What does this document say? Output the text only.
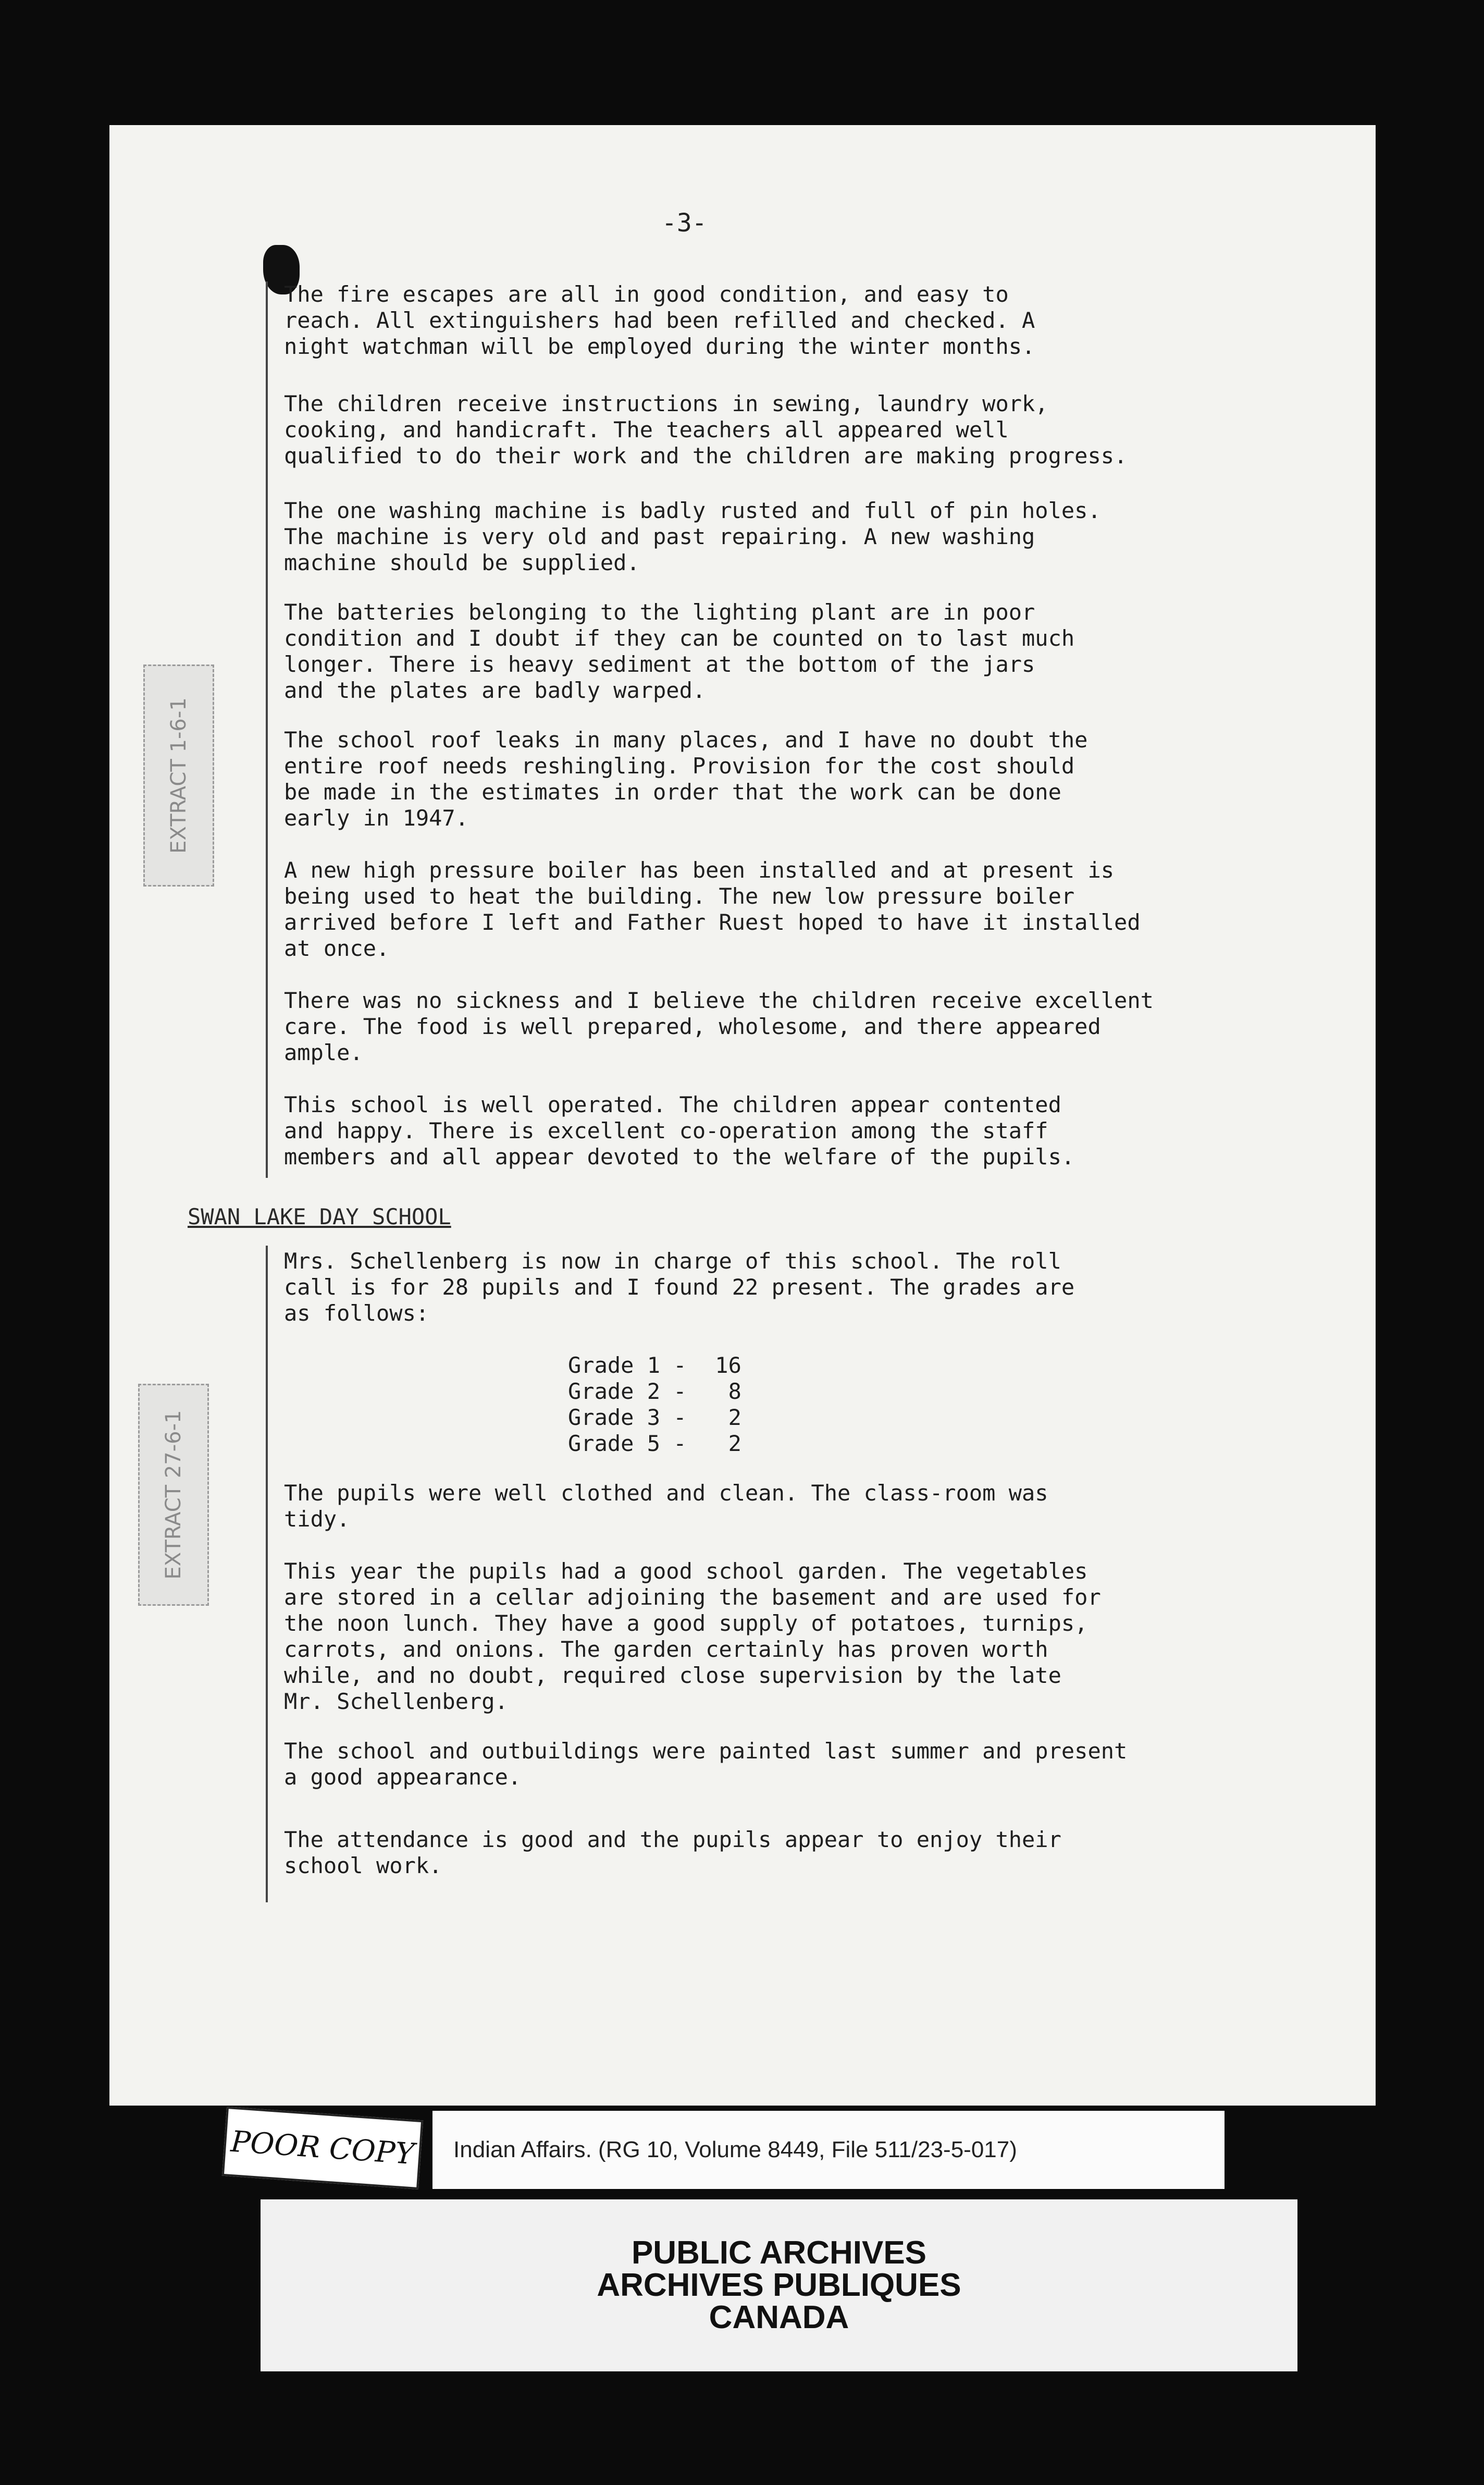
-3-
The fire escapes are all in good condition, and easy to
reach. All extinguishers had been refilled and checked. A
night watchman will be employed during the winter months.
The children receive instructions in sewing, laundry work,
cooking, and handicraft. The teachers all appeared well
qualified to do their work and the children are making progress.
The one washing machine is badly rusted and full of pin holes.
The machine is very old and past repairing. A new washing
machine should be supplied.
The batteries belonging to the lighting plant are in poor
condition and I doubt if they can be counted on to last much
longer. There is heavy sediment at the bottom of the jars
and the plates are badly warped.
The school roof leaks in many places, and I have no doubt the
entire roof needs reshingling. Provision for the cost should
be made in the estimates in order that the work can be done
early in 1947.
A new high pressure boiler has been installed and at present is
being used to heat the building. The new low pressure boiler
arrived before I left and Father Ruest hoped to have it installed
at once.
There was no sickness and I believe the children receive excellent
care. The food is well prepared, wholesome, and there appeared
ample.
This school is well operated. The children appear contented
and happy. There is excellent co-operation among the staff
members and all appear devoted to the welfare of the pupils.
EXTRACT 1-6-1
SWAN LAKE DAY SCHOOL
Mrs. Schellenberg is now in charge of this school. The roll
call is for 28 pupils and I found 22 present. The grades are
as follows:
Grade 1 - 16
Grade 2 - 8
Grade 3 - 2
Grade 5 - 2
EXTRACT 27-6-1	The pupils were well clothed and clean. The class-room was
tidy.
This year the pupils had a good school garden. The vegetables
are stored in a cellar adjoining the basement and are used for
the noon lunch. They have a good supply of potatoes, turnips,
carrots, and onions. The garden certainly has proven worth
while, and no doubt, required close supervision by the late
Mr. Schellenberg.
The school and outbuildings were painted last summer and present
a good appearance.
The attendance is good and the pupils appear to enjoy their
school work.
POOR COPY	Indian Affairs. (RG 10, Volume 8449, File 511/23-5-017)
PUBLIC ARCHIVES
ARCHIVES PUBLIQUES
CANADA
